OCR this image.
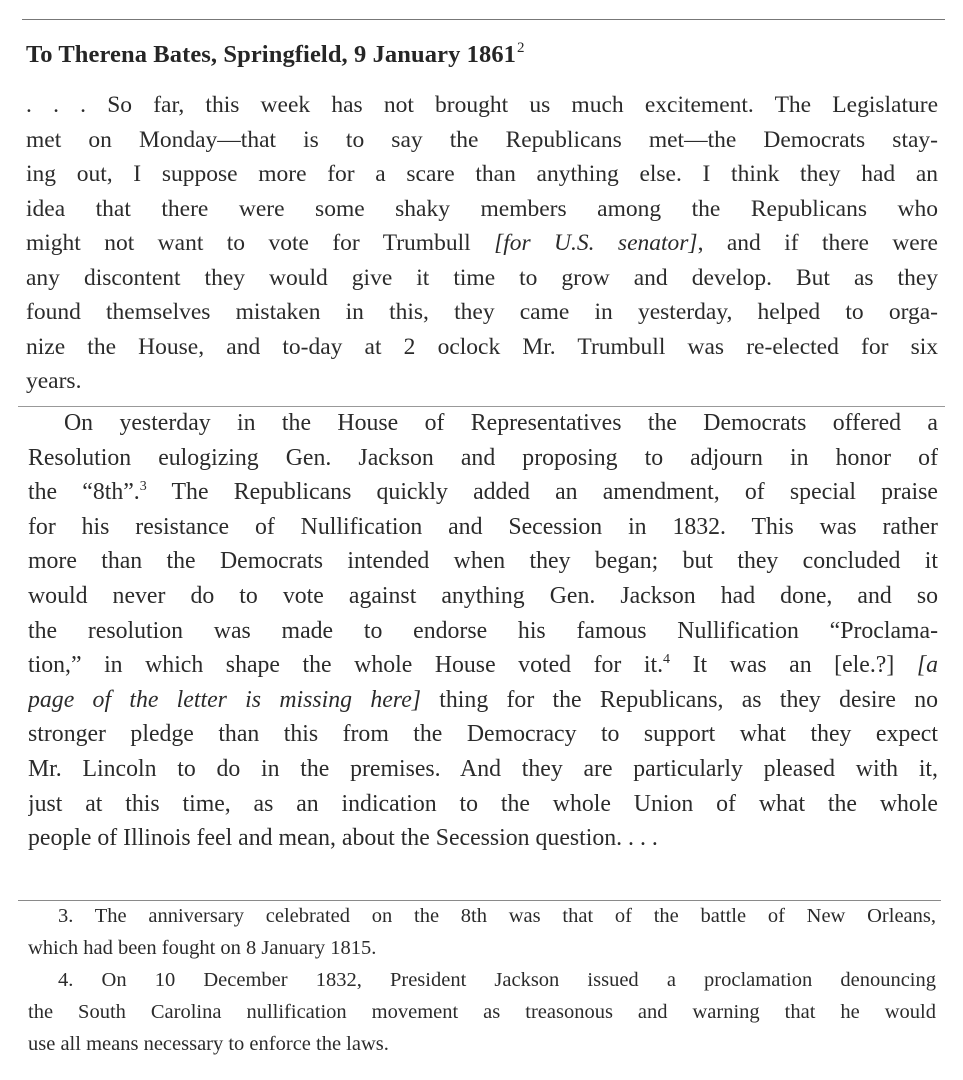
To Therena Bates, Springfield, 9 January 1861$^2$
. . . So far, this week has not brought us much excitement. The Legislature
met on Monday—that is to say the Republicans met—the Democrats stay-
ing out, I suppose more for a scare than anything else. I think they had an
idea that there were some shaky members among the Republicans who
might not want to vote for Trumbull [for U.S. senator], and if there were
any discontent they would give it time to grow and develop. But as they
found themselves mistaken in this, they came in yesterday, helped to orga-
nize the House, and to-day at 2 oclock Mr. Trumbull was re-elected for six
years.
On yesterday in the House of Representatives the Democrats offered a
Resolution eulogizing Gen. Jackson and proposing to adjourn in honor of
the “8th”.$^3$ The Republicans quickly added an amendment, of special praise
for his resistance of Nullification and Secession in 1832. This was rather
more than the Democrats intended when they began; but they concluded it
would never do to vote against anything Gen. Jackson had done, and so
the resolution was made to endorse his famous Nullification “Proclama-
tion,” in which shape the whole House voted for it.$^4$ It was an [ele.?] [a
page of the letter is missing here] thing for the Republicans, as they desire no
stronger pledge than this from the Democracy to support what they expect
Mr. Lincoln to do in the premises. And they are particularly pleased with it,
just at this time, as an indication to the whole Union of what the whole
people of Illinois feel and mean, about the Secession question. . . .
3. The anniversary celebrated on the 8th was that of the battle of New Orleans,
which had been fought on 8 January 1815.
4. On 10 December 1832, President Jackson issued a proclamation denouncing
the South Carolina nullification movement as treasonous and warning that he would
use all means necessary to enforce the laws.
